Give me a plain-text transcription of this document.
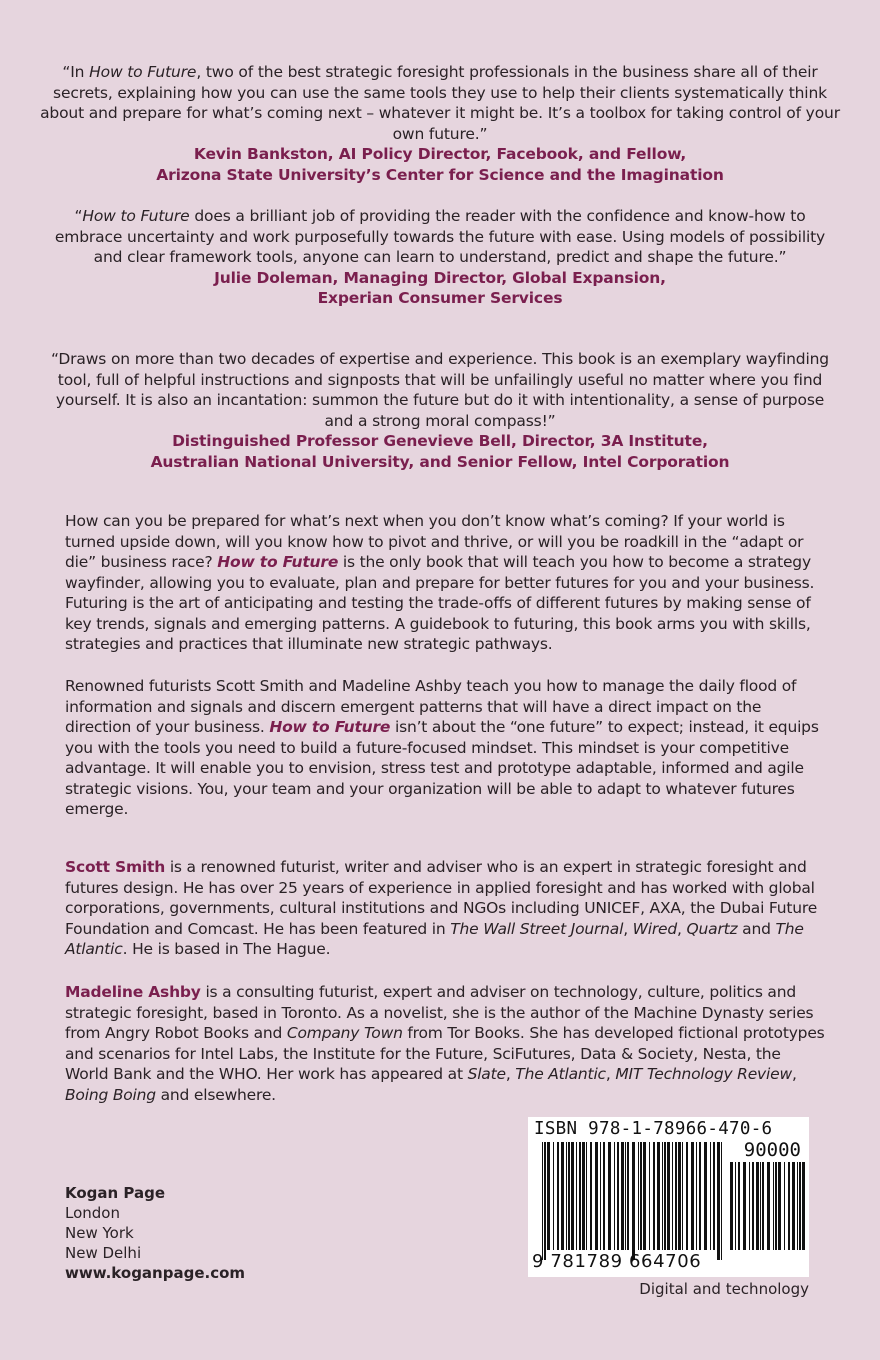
“In How to Future, two of the best strategic foresight professionals in the business share all of their secrets, explaining how you can use the same tools they use to help their clients systematically think about and prepare for what’s coming next – whatever it might be. It’s a toolbox for taking control of your own future.”
Kevin Bankston, AI Policy Director, Facebook, and Fellow,
Arizona State University’s Center for Science and the Imagination
“How to Future does a brilliant job of providing the reader with the confidence and know-how to embrace uncertainty and work purposefully towards the future with ease. Using models of possibility and clear framework tools, anyone can learn to understand, predict and shape the future.”
Julie Doleman, Managing Director, Global Expansion,
Experian Consumer Services
“Draws on more than two decades of expertise and experience. This book is an exemplary wayfinding tool, full of helpful instructions and signposts that will be unfailingly useful no matter where you find yourself. It is also an incantation: summon the future but do it with intentionality, a sense of purpose and a strong moral compass!”
Distinguished Professor Genevieve Bell, Director, 3A Institute,
Australian National University, and Senior Fellow, Intel Corporation

How can you be prepared for what’s next when you don’t know what’s coming? If your world is turned upside down, will you know how to pivot and thrive, or will you be roadkill in the “adapt or die” business race? How to Future is the only book that will teach you how to become a strategy wayfinder, allowing you to evaluate, plan and prepare for better futures for you and your business. Futuring is the art of anticipating and testing the trade-offs of different futures by making sense of key trends, signals and emerging patterns. A guidebook to futuring, this book arms you with skills, strategies and practices that illuminate new strategic pathways.

Renowned futurists Scott Smith and Madeline Ashby teach you how to manage the daily flood of information and signals and discern emergent patterns that will have a direct impact on the direction of your business. How to Future isn’t about the “one future” to expect; instead, it equips you with the tools you need to build a future-focused mindset. This mindset is your competitive advantage. It will enable you to envision, stress test and prototype adaptable, informed and agile strategic visions. You, your team and your organization will be able to adapt to whatever futures emerge.

Scott Smith is a renowned futurist, writer and adviser who is an expert in strategic foresight and futures design. He has over 25 years of experience in applied foresight and has worked with global corporations, governments, cultural institutions and NGOs including UNICEF, AXA, the Dubai Future Foundation and Comcast. He has been featured in The Wall Street Journal, Wired, Quartz and The Atlantic. He is based in The Hague.

Madeline Ashby is a consulting futurist, expert and adviser on technology, culture, politics and strategic foresight, based in Toronto. As a novelist, she is the author of the Machine Dynasty series from Angry Robot Books and Company Town from Tor Books. She has developed fictional prototypes and scenarios for Intel Labs, the Institute for the Future, SciFutures, Data & Society, Nesta, the World Bank and the WHO. Her work has appeared at Slate, The Atlantic, MIT Technology Review, Boing Boing and elsewhere.

Kogan Page
London
New York
New Delhi
www.koganpage.com
ISBN 978-1-78966-470-6
90000
9 781789 664706
Digital and technology
